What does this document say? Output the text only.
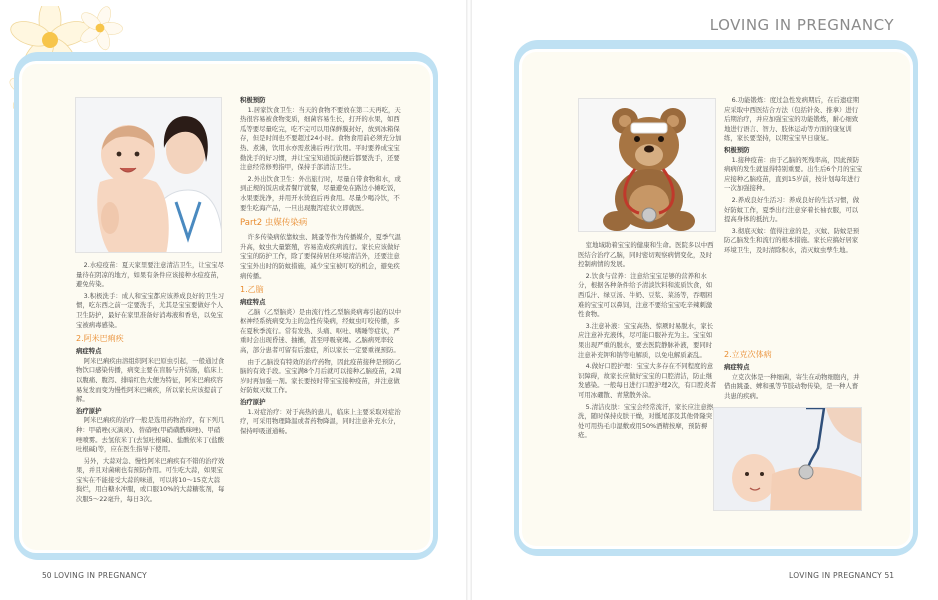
LOVING IN PREGNANCY

2.水痘疫苗：夏天家里要注意清洁卫生，让宝宝尽量待在阴凉的地方，如果有条件应该接种水痘疫苗，避免传染。

3.积极洗手：成人和宝宝都应该养成良好的卫生习惯，吃东西之前一定要洗手，尤其是宝宝要做好个人卫生防护，最好在家里准备好消毒液和香皂，以免宝宝被病毒感染。

2.阿米巴痢疾
病症特点

阿米巴痢疾由溶组织阿米巴原虫引起，一般通过食物饮口感染传播，病变主要在盲肠与升结肠，临床上以腹痛、腹泻、排暗红色大便为特征，阿米巴痢疾容易复发而变为慢性阿米巴痢疾，所以家长应该提前了解。

治疗原护

阿米巴痢疾的治疗一般是选用药物治疗，有下列几种：甲硝唑(灭滴灵)、替硝唑(甲硝磺酰咪唑)、甲硝唑喷雾。去氢依米丁(去氢吐根碱)、盐酸依米丁(盐酸吐根碱)等，应在医生指导下使用。

另外，大蒜对急、慢性阿米巴痢疾有不错的治疗效果，并且对菌痢也有预防作用。可生吃大蒜，如果宝宝实在不能接受大蒜的味道，可以将10～15克大蒜捣烂，用白糖水冲服，或口服10%的大蒜糖浆剂，每次服5～22毫升，每日3次。

积极预防

1.居家饮食卫生：当天的食物不要放在第二天再吃，天热很容易被食物变质，细菌容易生长，打开的水果，如西瓜等要尽量吃完，吃不完可以用保鲜膜封好，放到冰箱保存，但是时间也不要超过24小时。食物食用前必须充分加热、煮沸，饮用水亦需煮沸后再行饮用。平时要养成宝宝勤洗手的好习惯，并让宝宝知道饭前便后都要洗手，还要注意经常修剪指甲，保持手部清洁卫生。

2.外出饮食卫生：外出旅行时，尽量自带食物和水，或到正规的饭店或者餐厅就餐，尽量避免在路边小摊吃饭，水果要洗净，并用开水烫泡后再食用。尽量少喝冷饮，不要生吃海产品，一旦出现腹泻症状立即就医。

Part2 虫媒传染病

许多传染病依靠蚊虫、跳蚤等作为传播媒介，夏季气温升高，蚊虫大量繁殖，容易造成疾病流行。家长应该做好宝宝的防护工作，除了要保持居住环境清洁外，还要注意宝宝外出时的防蚊措施，减少宝宝被叮咬的机会，避免疾病传播。

1.乙脑
病症特点

乙脑（乙型脑炎）是由流行性乙型脑炎病毒引起的以中枢神经系统病变为主的急性传染病，经蚊虫叮咬传播，多在夏秋季流行。常有发热、头痛、呕吐、嗜睡等症状，严重时会出现昏迷、抽搐，甚至呼吸衰竭。乙脑病死率较高，部分患者可留有后遗症，所以家长一定要重视预防。

由于乙脑没有特效的治疗药物，因此疫苗接种是预防乙脑的有效手段。宝宝满8个月后就可以接种乙脑疫苗，2周岁时再加强一剂。家长要按时带宝宝接种疫苗，并注意做好防蚊灭蚊工作。

治疗原护

1.对症治疗：对于高热的患儿，临床上主要采取对症治疗，可采用物理降温或者药物降温，同时注意补充水分，保持呼吸道通畅。

室地域助着宝宝的健康和生命。医院多以中西医结合治疗乙脑，同时密切观察病情变化，及时控制病情的发展。

2.饮食与营养：注意给宝宝足够的营养和水分，根据各种条件给予清淡饮料和流质饮食，如西瓜汁、绿豆汤、牛奶、豆浆、菜汤等，吞咽困难的宝宝可以鼻饲，注意不要给宝宝吃辛辣刺激性食物。

3.注意补液：宝宝高热、惊厥时易脱水，家长应注意补充液体，尽可能口服补充为主。宝宝如果出现严重的脱水，要去医院静脉补液，要同时注意补充钾和钠等电解质，以免电解质紊乱。

4.做好口腔护理：宝宝大多存在不同程度的意识障碍，故家长应做好宝宝的口腔清洁，防止继发感染。一般每日进行口腔护理2次，有口腔炎者可用冰硼散、青黛散外涂。

5.清洁皮肤：宝宝会经常流汗，家长应注意擦洗，随时保持皮肤干燥，对骶尾部及其他骨隆突处可用热毛巾湿敷或用50%酒精按摩，预防褥疮。

6.功能锻炼：度过急性发病期后，在后遗症期应采取中西医结合方法（包括针灸、推拿）进行后期治疗，并应加强宝宝的功能锻炼，耐心细致地进行语言、智力、肢体运动等方面的康复训练，家长要坚持，以期宝宝早日康复。

积极预防

1.接种疫苗：由于乙脑的死残率高，因此预防病病的发生就显得特别重要。出生后6个月的宝宝应接种乙脑疫苗，直到15岁前，按计划每年进行一次加强接种。

2.养成良好生活习：养成良好的生活习惯，做好防蚊工作，夏季出行注意穿着长袖衣服，可以提高身体的抵抗力。

3.彻底灭蚊：值得注意的是，灭蚊、防蚊是预防乙脑发生和流行的根本措施。家长应搞好居家环境卫生，及时清除积水，消灭蚊虫孳生地。

2.立克次体病
病症特点

立克次体是一种细菌，寄生在动物细胞内，并借由跳蚤、蜱和虱等节肢动物传染，是一种人畜共患的疾病。

50 LOVING IN PREGNANCY	LOVING IN PREGNANCY 51
